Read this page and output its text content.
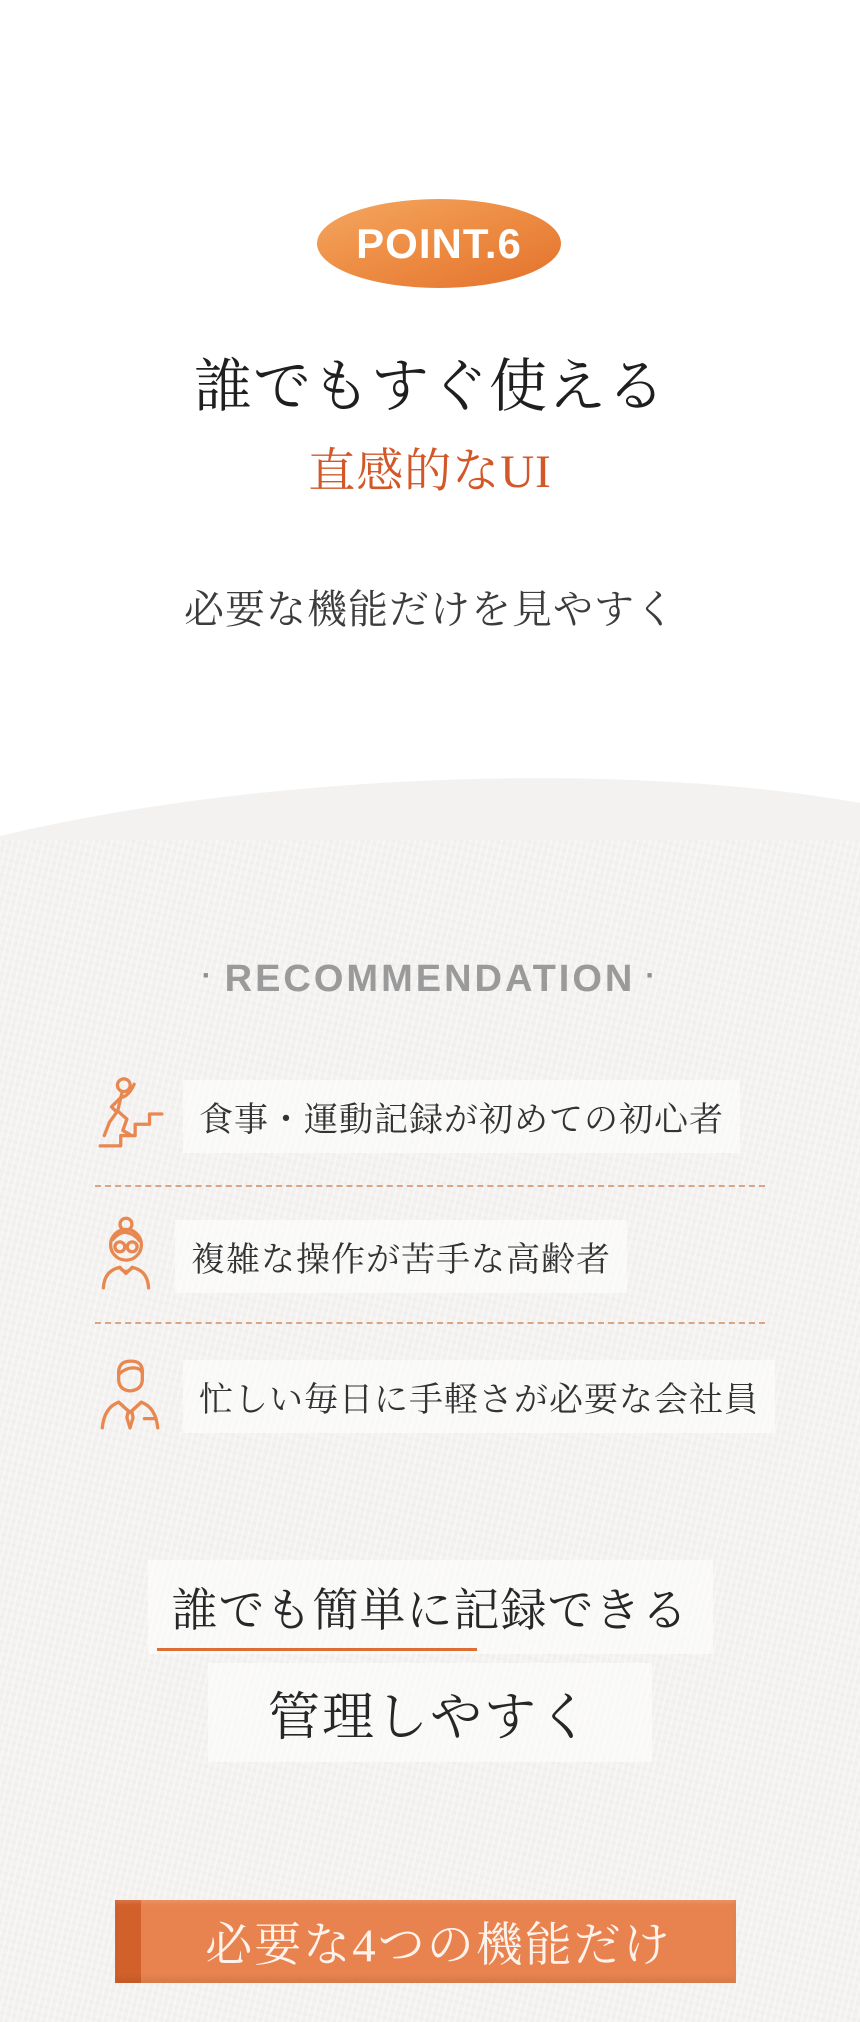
POINT.6
誰でもすぐ使える
直感的なUI
必要な機能だけを見やすく
· RECOMMENDATION ·
食事・運動記録が初めての初心者
複雑な操作が苦手な高齢者
忙しい毎日に手軽さが必要な会社員
誰でも簡単に記録できる
管理しやすく
必要な4つの機能だけ
